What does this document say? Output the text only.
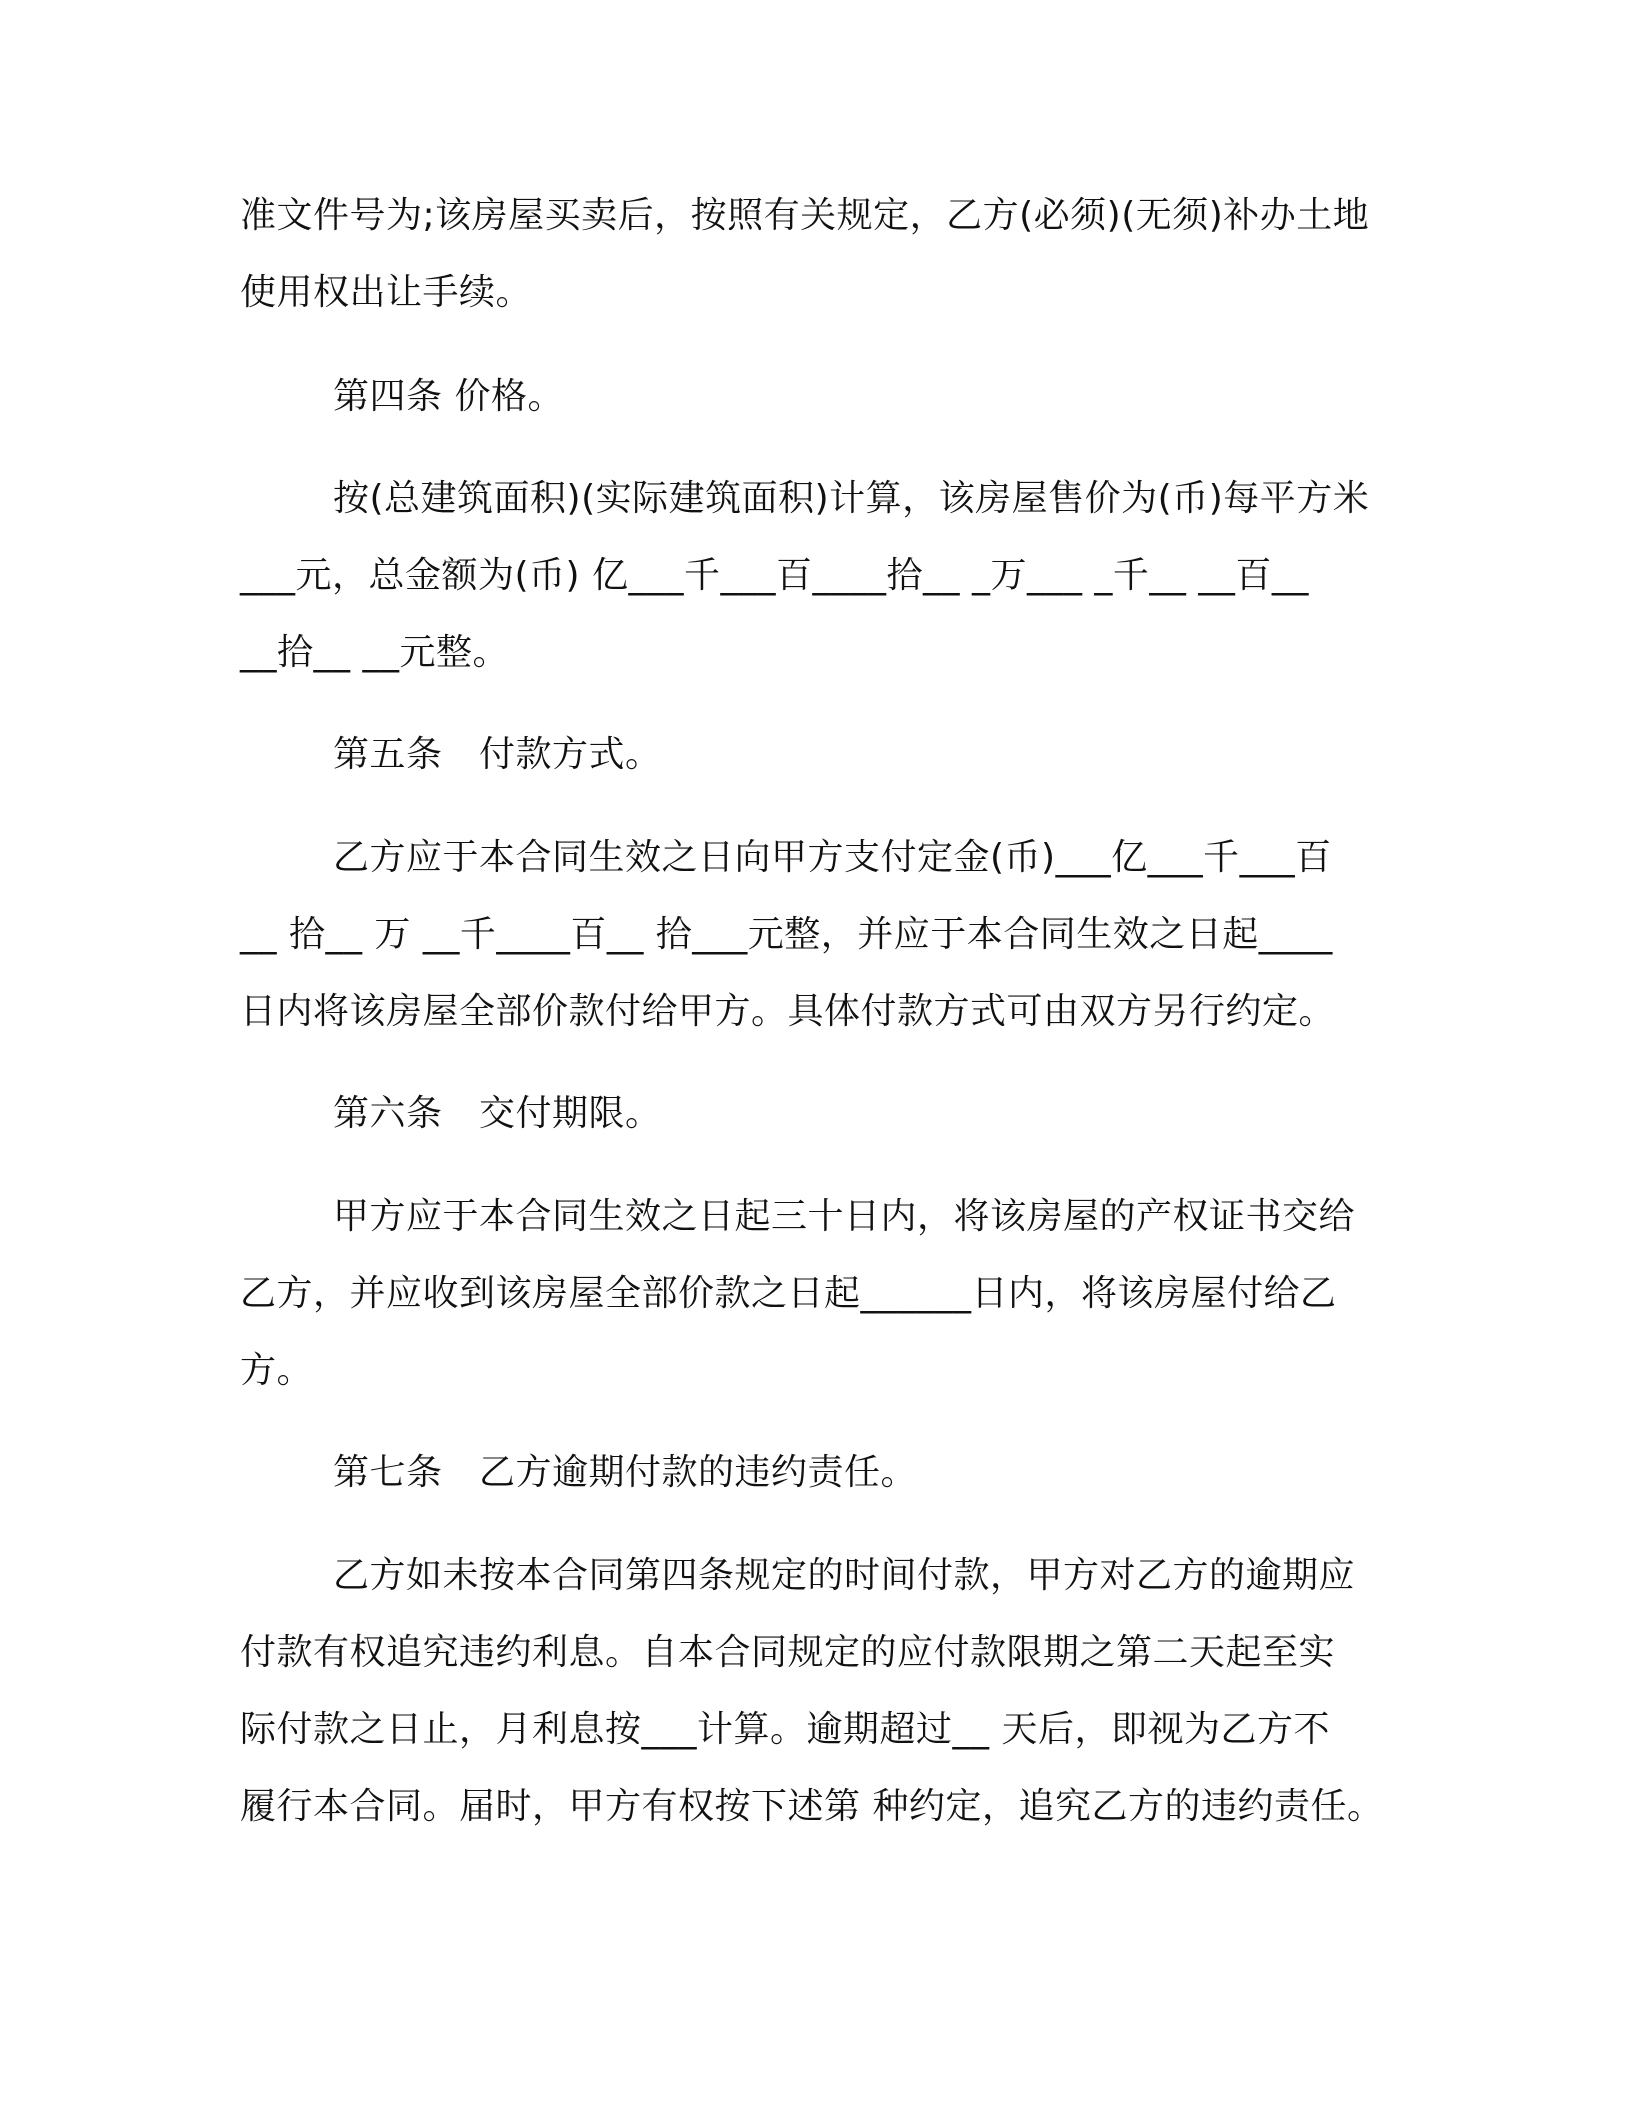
准文件号为;该房屋买卖后，按照有关规定，乙方(必须)(无须)补办土地
使用权出让手续。
第四条 价格。
按(总建筑面积)(实际建筑面积)计算，该房屋售价为(币)每平方米
___元，总金额为(币) 亿___千___百____拾__ _万___ _千__ __百__
__拾__ __元整。
第五条　付款方式。
乙方应于本合同生效之日向甲方支付定金(币)___亿___千___百
__ 拾__ 万 __千____百__ 拾___元整，并应于本合同生效之日起____
日内将该房屋全部价款付给甲方。具体付款方式可由双方另行约定。
第六条　交付期限。
甲方应于本合同生效之日起三十日内，将该房屋的产权证书交给
乙方，并应收到该房屋全部价款之日起______日内，将该房屋付给乙
方。
第七条　乙方逾期付款的违约责任。
乙方如未按本合同第四条规定的时间付款，甲方对乙方的逾期应
付款有权追究违约利息。自本合同规定的应付款限期之第二天起至实
际付款之日止，月利息按___计算。逾期超过__ 天后，即视为乙方不
履行本合同。届时，甲方有权按下述第 种约定，追究乙方的违约责任。
